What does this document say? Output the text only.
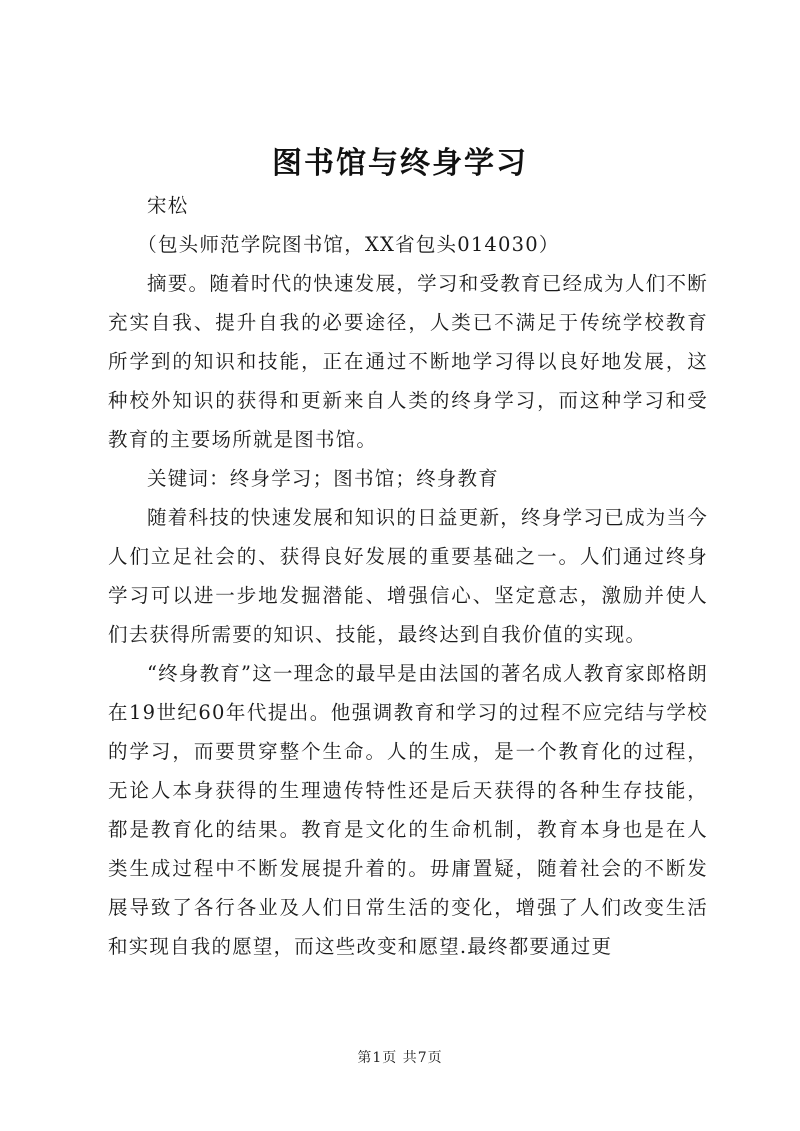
图书馆与终身学习

宋松

（包头师范学院图书馆，XX省包头014030）

摘要。随着时代的快速发展，学习和受教育已经成为人们不断充实自我、提升自我的必要途径，人类已不满足于传统学校教育所学到的知识和技能，正在通过不断地学习得以良好地发展，这种校外知识的获得和更新来自人类的终身学习，而这种学习和受教育的主要场所就是图书馆。

关键词：终身学习；图书馆；终身教育

随着科技的快速发展和知识的日益更新，终身学习已成为当今人们立足社会的、获得良好发展的重要基础之一。人们通过终身学习可以进一步地发掘潜能、增强信心、坚定意志，激励并使人们去获得所需要的知识、技能，最终达到自我价值的实现。

“终身教育”这一理念的最早是由法国的著名成人教育家郎格朗在19世纪60年代提出。他强调教育和学习的过程不应完结与学校的学习，而要贯穿整个生命。人的生成，是一个教育化的过程，无论人本身获得的生理遗传特性还是后天获得的各种生存技能，都是教育化的结果。教育是文化的生命机制，教育本身也是在人类生成过程中不断发展提升着的。毋庸置疑，随着社会的不断发展导致了各行各业及人们日常生活的变化，增强了人们改变生活和实现自我的愿望，而这些改变和愿望.最终都要通过更

第1页 共7页
